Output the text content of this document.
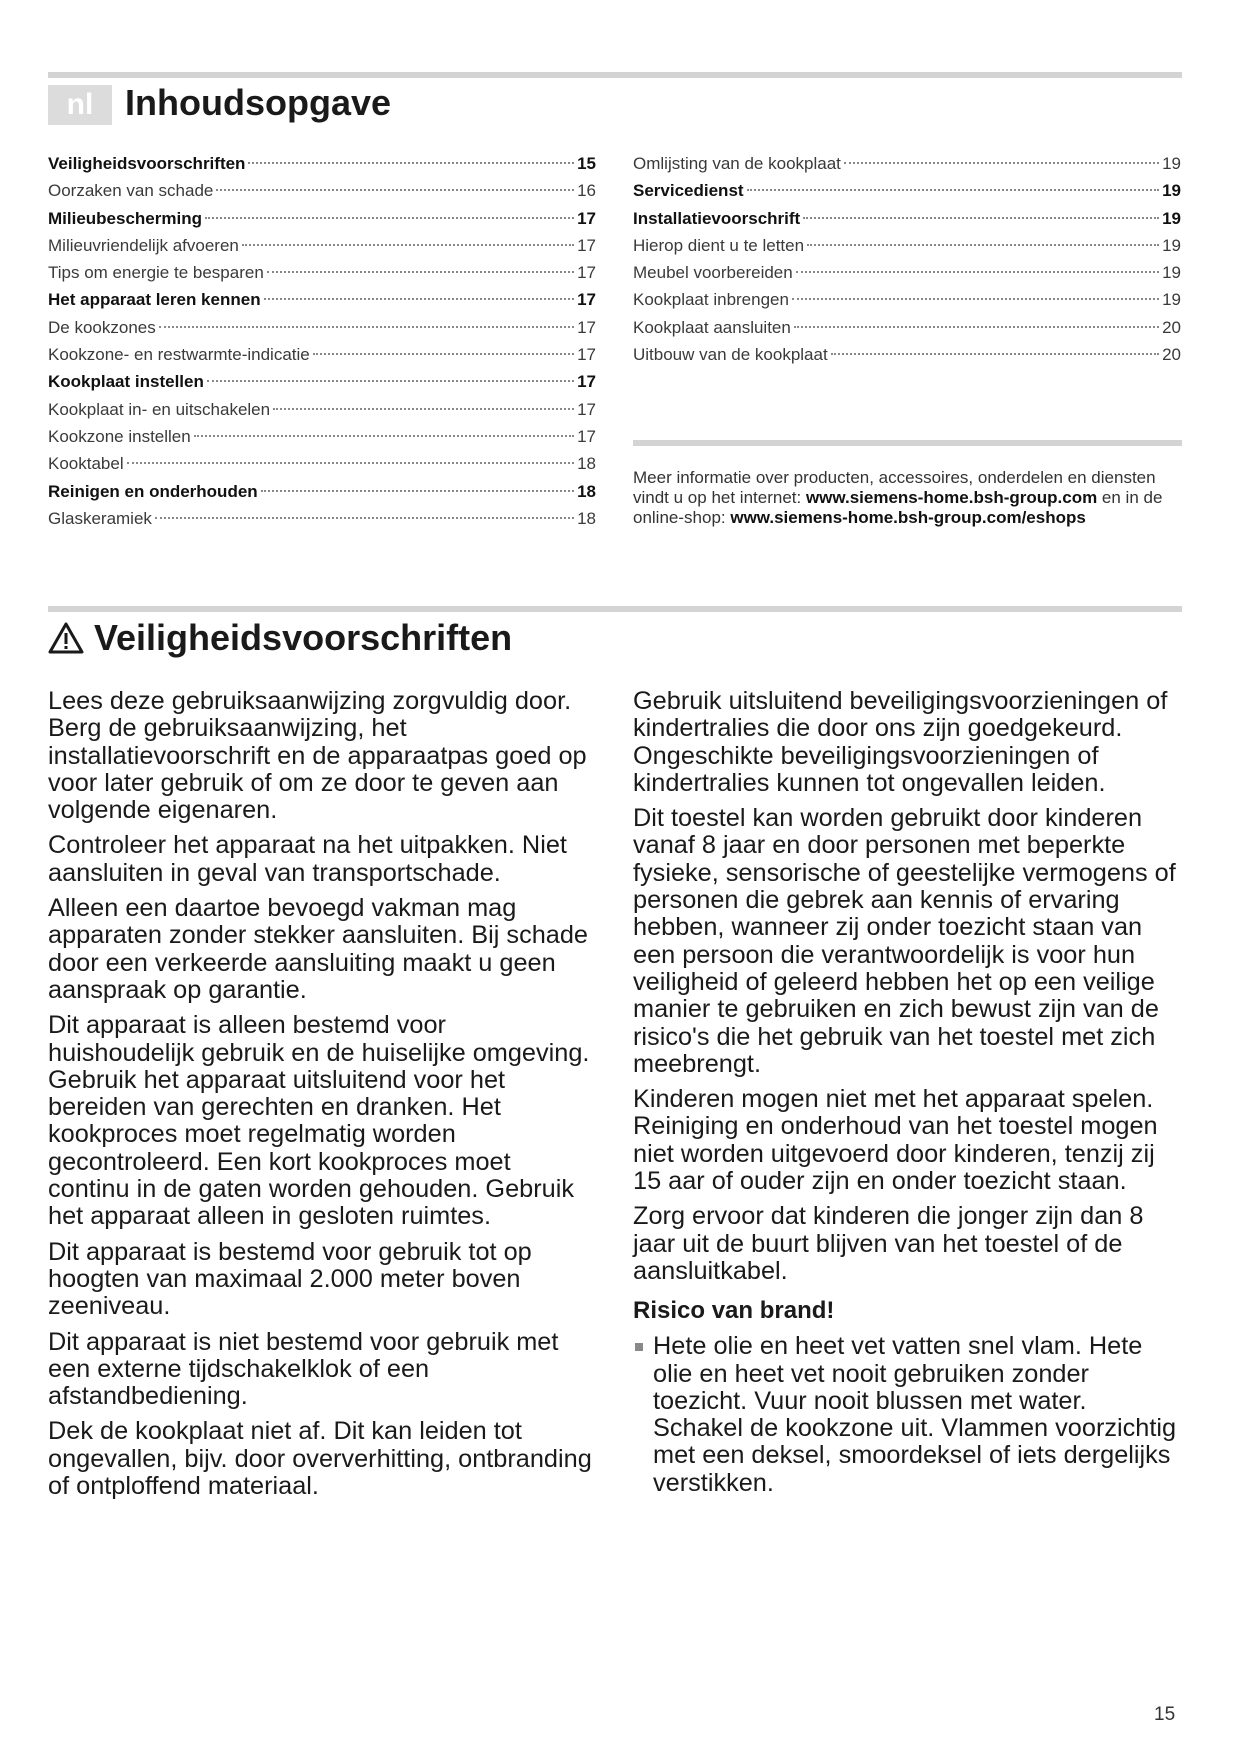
nl Inhoudsopgave
Veiligheidsvoorschriften	15
Oorzaken van schade	16
Milieubescherming	17
Milieuvriendelijk afvoeren	17
Tips om energie te besparen	17
Het apparaat leren kennen	17
De kookzones	17
Kookzone- en restwarmte-indicatie	17
Kookplaat instellen	17
Kookplaat in- en uitschakelen	17
Kookzone instellen	17
Kooktabel	18
Reinigen en onderhouden	18
Glaskeramiek	18
Omlijsting van de kookplaat	19
Servicedienst	19
Installatievoorschrift	19
Hierop dient u te letten	19
Meubel voorbereiden	19
Kookplaat inbrengen	19
Kookplaat aansluiten	20
Uitbouw van de kookplaat	20

Meer informatie over producten, accessoires, onderdelen en diensten vindt u op het internet: www.siemens-home.bsh-group.com en in de online-shop: www.siemens-home.bsh-group.com/eshops

Veiligheidsvoorschriften

Lees deze gebruiksaanwijzing zorgvuldig door. Berg de gebruiksaanwijzing, het installatievoorschrift en de apparaatpas goed op voor later gebruik of om ze door te geven aan volgende eigenaren.

Controleer het apparaat na het uitpakken. Niet aansluiten in geval van transportschade.

Alleen een daartoe bevoegd vakman mag apparaten zonder stekker aansluiten. Bij schade door een verkeerde aansluiting maakt u geen aanspraak op garantie.

Dit apparaat is alleen bestemd voor huishoudelijk gebruik en de huiselijke omgeving. Gebruik het apparaat uitsluitend voor het bereiden van gerechten en dranken. Het kookproces moet regelmatig worden gecontroleerd. Een kort kookproces moet continu in de gaten worden gehouden. Gebruik het apparaat alleen in gesloten ruimtes.

Dit apparaat is bestemd voor gebruik tot op hoogten van maximaal 2.000 meter boven zeeniveau.

Dit apparaat is niet bestemd voor gebruik met een externe tijdschakelklok of een afstandbediening.

Dek de kookplaat niet af. Dit kan leiden tot ongevallen, bijv. door oververhitting, ontbranding of ontploffend materiaal.

Gebruik uitsluitend beveiligingsvoorzieningen of kindertralies die door ons zijn goedgekeurd. Ongeschikte beveiligingsvoorzieningen of kindertralies kunnen tot ongevallen leiden.

Dit toestel kan worden gebruikt door kinderen vanaf 8 jaar en door personen met beperkte fysieke, sensorische of geestelijke vermogens of personen die gebrek aan kennis of ervaring hebben, wanneer zij onder toezicht staan van een persoon die verantwoordelijk is voor hun veiligheid of geleerd hebben het op een veilige manier te gebruiken en zich bewust zijn van de risico's die het gebruik van het toestel met zich meebrengt.

Kinderen mogen niet met het apparaat spelen. Reiniging en onderhoud van het toestel mogen niet worden uitgevoerd door kinderen, tenzij zij 15 aar of ouder zijn en onder toezicht staan.

Zorg ervoor dat kinderen die jonger zijn dan 8 jaar uit de buurt blijven van het toestel of de aansluitkabel.

Risico van brand!

Hete olie en heet vet vatten snel vlam. Hete olie en heet vet nooit gebruiken zonder toezicht. Vuur nooit blussen met water. Schakel de kookzone uit. Vlammen voorzichtig met een deksel, smoordeksel of iets dergelijks verstikken.

15
